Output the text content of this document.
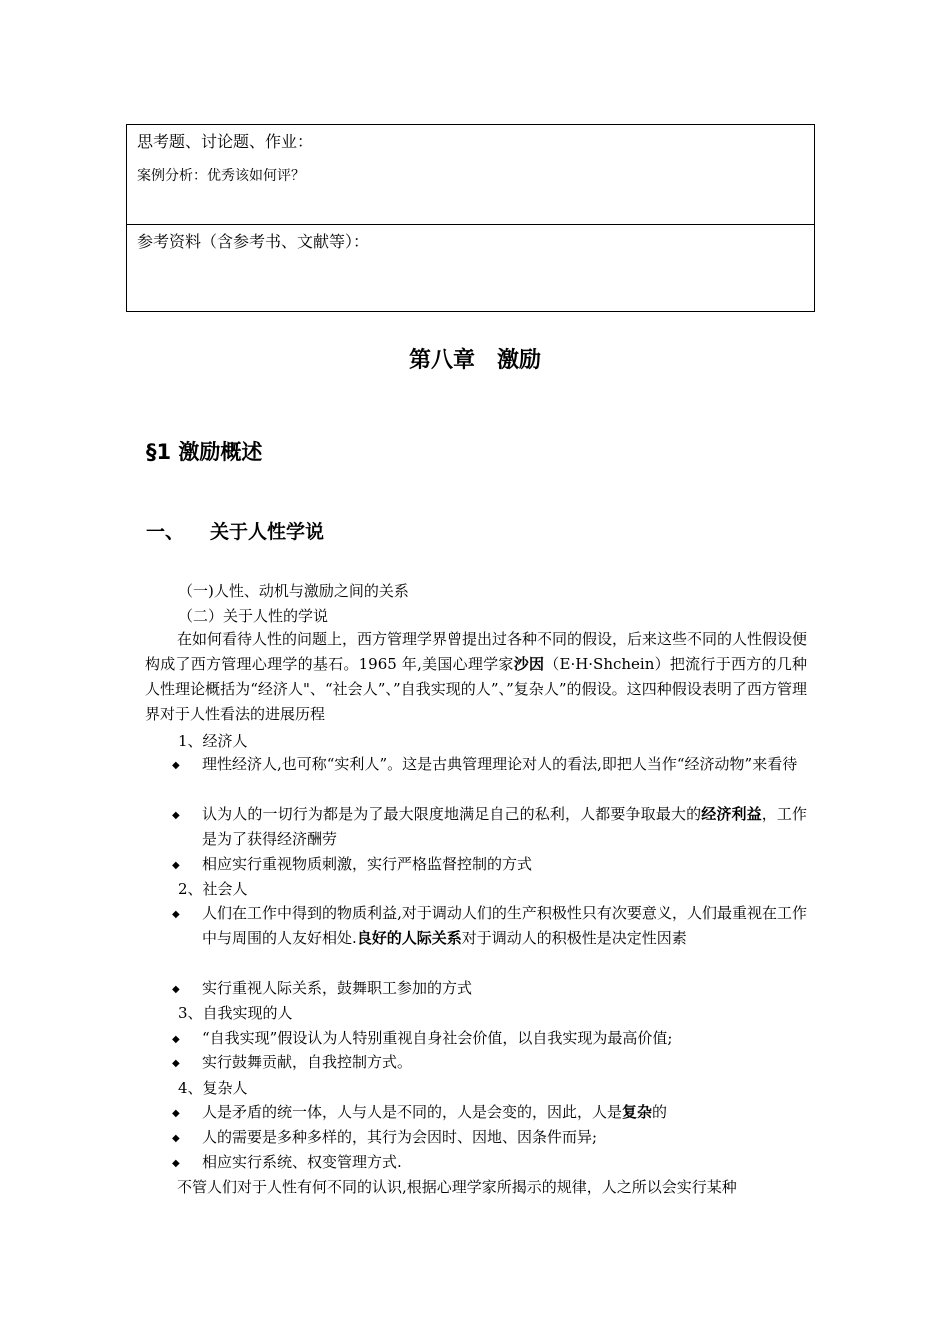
思考题、讨论题、作业：
案例分析：优秀该如何评？
参考资料（含参考书、文献等）：
第八章　激励
§1 激励概述
一、 关于人性学说
（一)人性、动机与激励之间的关系
（二）关于人性的学说
在如何看待人性的问题上，西方管理学界曾提出过各种不同的假设，后来这些不同的人性假设便构成了西方管理心理学的基石。1965 年,美国心理学家沙因（E·H·Shchein）把流行于西方的几种人性理论概括为“经济人"、“社会人”、”自我实现的人”、”复杂人”的假设。这四种假设表明了西方管理界对于人性看法的进展历程
1、经济人
◆ 理性经济人,也可称“实利人”。这是古典管理理论对人的看法,即把人当作“经济动物”来看待
◆ 认为人的一切行为都是为了最大限度地满足自己的私利，人都要争取最大的经济利益，工作是为了获得经济酬劳
◆ 相应实行重视物质刺激，实行严格监督控制的方式
2、社会人
◆ 人们在工作中得到的物质利益,对于调动人们的生产积极性只有次要意义，人们最重视在工作中与周围的人友好相处.良好的人际关系对于调动人的积极性是决定性因素
◆ 实行重视人际关系，鼓舞职工参加的方式
3、自我实现的人
◆ “自我实现”假设认为人特别重视自身社会价值，以自我实现为最高价值;
◆ 实行鼓舞贡献，自我控制方式。
4、复杂人
◆ 人是矛盾的统一体，人与人是不同的，人是会变的，因此，人是复杂的
◆ 人的需要是多种多样的，其行为会因时、因地、因条件而异;
◆ 相应实行系统、权变管理方式.
不管人们对于人性有何不同的认识,根据心理学家所揭示的规律，人之所以会实行某种
